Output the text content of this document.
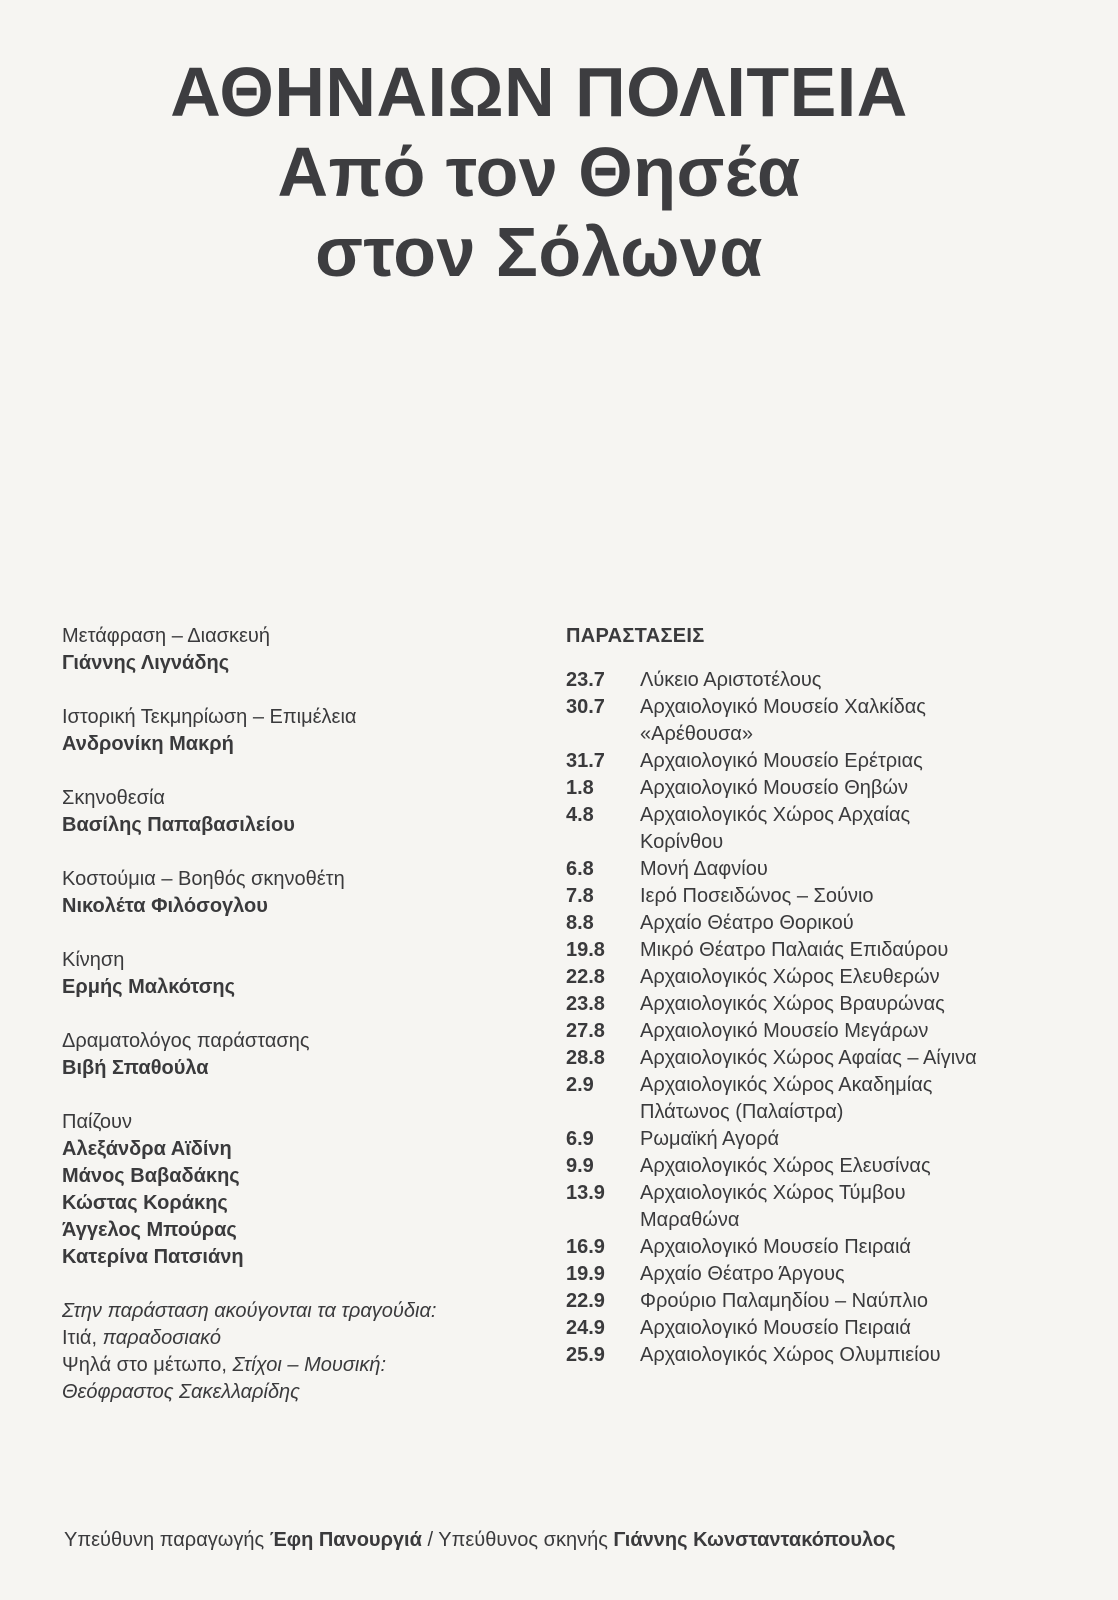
ΑΘΗΝΑΙΩΝ ΠΟΛΙΤΕΙΑ
Από τον Θησέα
στον Σόλωνα
Μετάφραση – Διασκευή
Γιάννης Λιγνάδης
Ιστορική Τεκμηρίωση – Επιμέλεια
Ανδρονίκη Μακρή
Σκηνοθεσία
Βασίλης Παπαβασιλείου
Κοστούμια – Βοηθός σκηνοθέτη
Νικολέτα Φιλόσογλου
Κίνηση
Ερμής Μαλκότσης
Δραματολόγος παράστασης
Βιβή Σπαθούλα
Παίζουν
Αλεξάνδρα Αϊδίνη
Μάνος Βαβαδάκης
Κώστας Κοράκης
Άγγελος Μπούρας
Κατερίνα Πατσιάνη
Στην παράσταση ακούγονται τα τραγούδια:
Ιτιά, παραδοσιακό
Ψηλά στο μέτωπο, Στίχοι – Μουσική:
Θεόφραστος Σακελλαρίδης
ΠΑΡΑΣΤΑΣΕΙΣ
23.7	Λύκειο Αριστοτέλους
30.7	Αρχαιολογικό Μουσείο Χαλκίδας
«Αρέθουσα»
31.7	Αρχαιολογικό Μουσείο Ερέτριας
1.8	Αρχαιολογικό Μουσείο Θηβών
4.8	Αρχαιολογικός Χώρος Αρχαίας
Κορίνθου
6.8	Μονή Δαφνίου
7.8	Ιερό Ποσειδώνος – Σούνιο
8.8	Αρχαίο Θέατρο Θορικού
19.8	Μικρό Θέατρο Παλαιάς Επιδαύρου
22.8	Αρχαιολογικός Χώρος Ελευθερών
23.8	Αρχαιολογικός Χώρος Βραυρώνας
27.8	Αρχαιολογικό Μουσείο Μεγάρων
28.8	Αρχαιολογικός Χώρος Αφαίας – Αίγινα
2.9	Αρχαιολογικός Χώρος Ακαδημίας
Πλάτωνος (Παλαίστρα)
6.9	Ρωμαϊκή Αγορά
9.9	Αρχαιολογικός Χώρος Ελευσίνας
13.9	Αρχαιολογικός Χώρος Τύμβου
Μαραθώνα
16.9	Αρχαιολογικό Μουσείο Πειραιά
19.9	Αρχαίο Θέατρο Άργους
22.9	Φρούριο Παλαμηδίου – Ναύπλιο
24.9	Αρχαιολογικό Μουσείο Πειραιά
25.9	Αρχαιολογικός Χώρος Ολυμπιείου
Υπεύθυνη παραγωγής Έφη Πανουργιά / Υπεύθυνος σκηνής Γιάννης Κωνσταντακόπουλος
